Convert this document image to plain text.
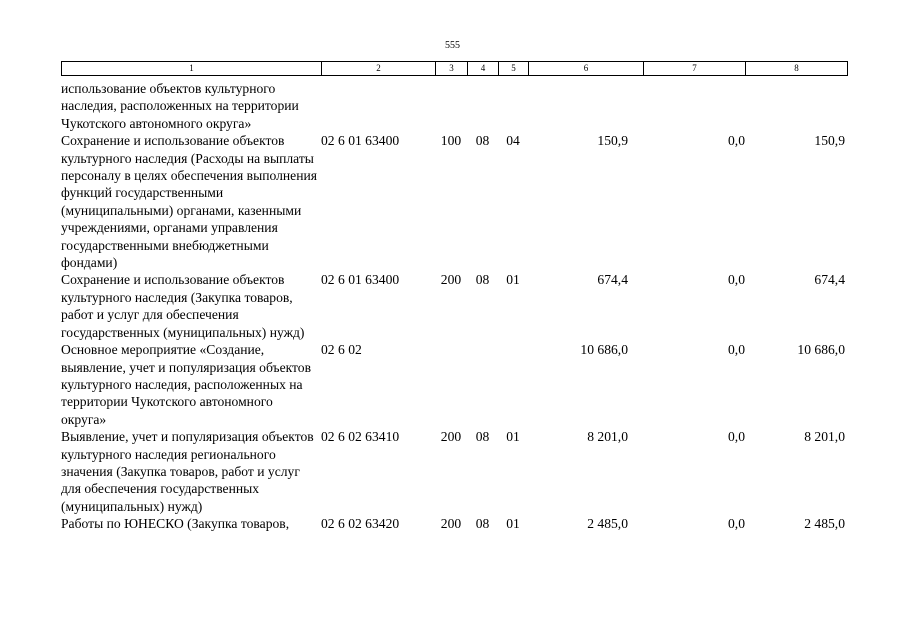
555
1	2	3	4	5	6	7	8
использование объектов культурного наследия, расположенных на территории Чукотского автономного округа»							
Сохранение и использование объектов культурного наследия (Расходы на выплаты персоналу в целях обеспечения выполнения функций государственными (муниципальными) органами, казенными учреждениями, органами управления государственными внебюджетными фондами)	02 6 01 63400	100	08	04	150,9	0,0	150,9
Сохранение и использование объектов культурного наследия (Закупка товаров, работ и услуг для обеспечения государственных (муниципальных) нужд)	02 6 01 63400	200	08	01	674,4	0,0	674,4
Основное мероприятие «Создание, выявление, учет и популяризация объектов культурного наследия, расположенных на территории Чукотского автономного округа»	02 6 02				10 686,0	0,0	10 686,0
Выявление, учет и популяризация объектов культурного наследия регионального значения (Закупка товаров, работ и услуг для обеспечения государственных (муниципальных) нужд)	02 6 02 63410	200	08	01	8 201,0	0,0	8 201,0
Работы по ЮНЕСКО (Закупка товаров,	02 6 02 63420	200	08	01	2 485,0	0,0	2 485,0
